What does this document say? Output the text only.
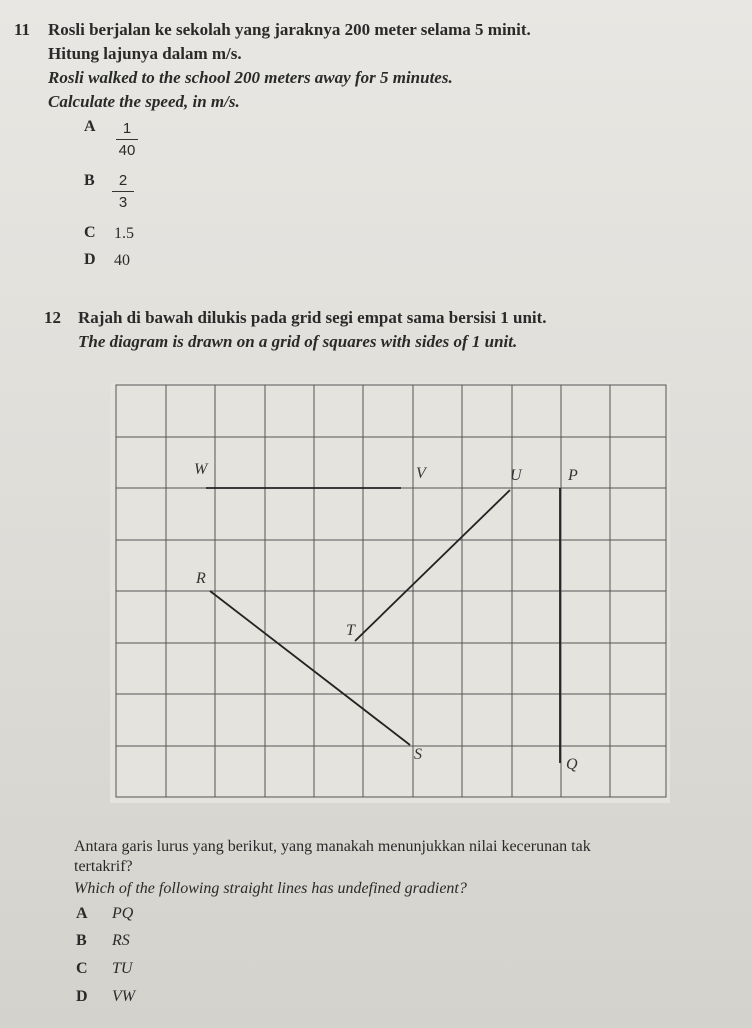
11 Rosli berjalan ke sekolah yang jaraknya 200 meter selama 5 minit.
Hitung lajunya dalam m/s.
Rosli walked to the school 200 meters away for 5 minutes.
Calculate the speed, in m/s.
A 1
40
B 2
3
C 1.5
D 40
12 Rajah di bawah dilukis pada grid segi empat sama bersisi 1 unit.
The diagram is drawn on a grid of squares with sides of 1 unit.
W	V	U	P
R
T
S
Q
Antara garis lurus yang berikut, yang manakah menunjukkan nilai kecerunan tak
tertakrif?
Which of the following straight lines has undefined gradient?
A PQ
B RS
C TU
D VW
